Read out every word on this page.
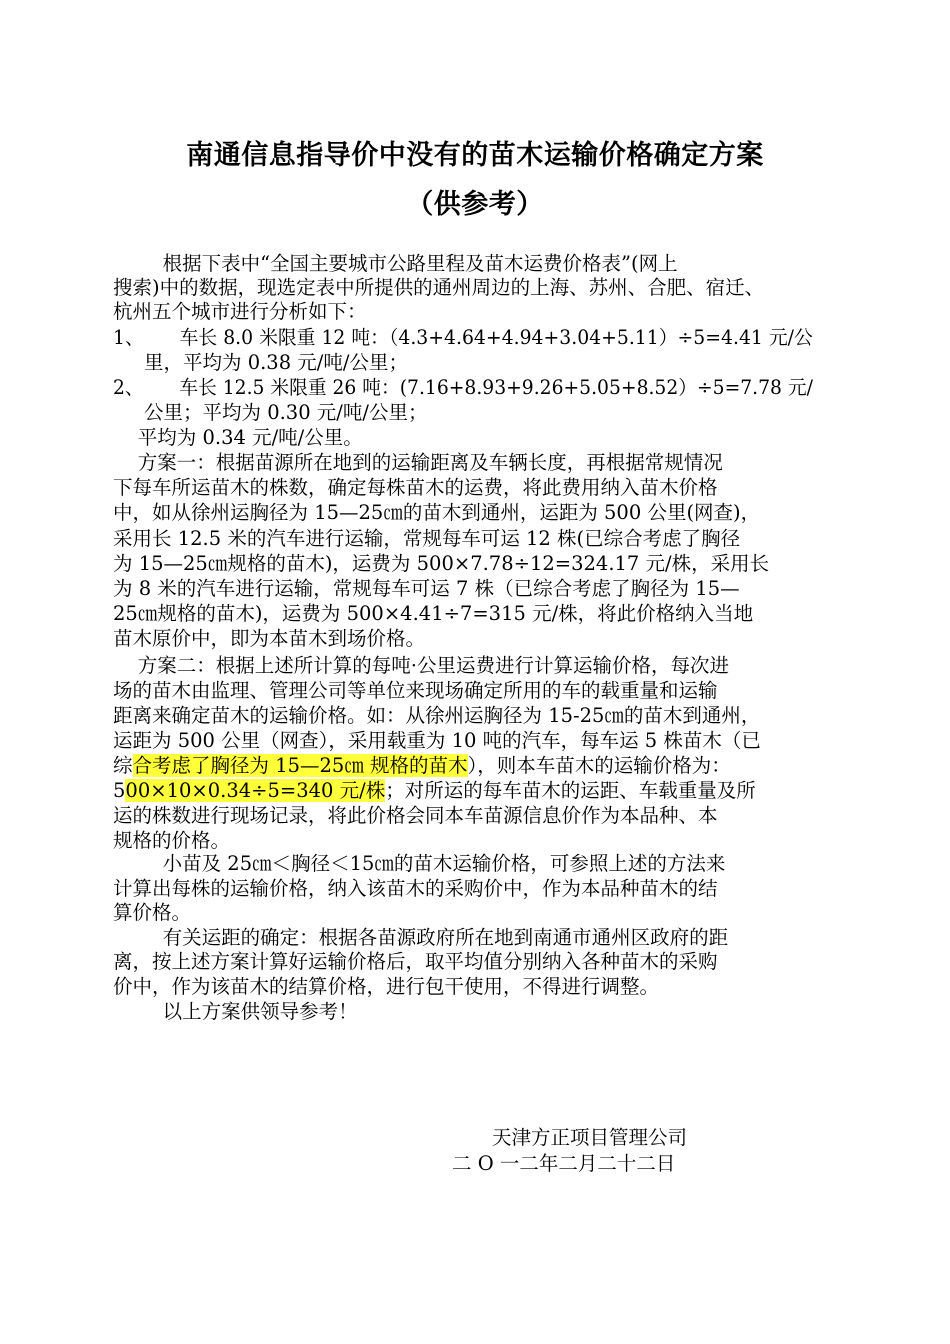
南通信息指导价中没有的苗木运输价格确定方案
（供参考）
根据下表中“全国主要城市公路里程及苗木运费价格表”(网上
搜索)中的数据，现选定表中所提供的通州周边的上海、苏州、合肥、宿迁、
杭州五个城市进行分析如下：
1、      车长 8.0 米限重 12 吨：（4.3+4.64+4.94+3.04+5.11）÷5=4.41 元/公
里，平均为 0.38 元/吨/公里；
2、      车长 12.5 米限重 26 吨：(7.16+8.93+9.26+5.05+8.52）÷5=7.78 元/
公里；平均为 0.30 元/吨/公里；
平均为 0.34 元/吨/公里。
方案一：根据苗源所在地到的运输距离及车辆长度，再根据常规情况
下每车所运苗木的株数，确定每株苗木的运费，将此费用纳入苗木价格
中，如从徐州运胸径为 15—25㎝的苗木到通州，运距为 500 公里(网查)，
采用长 12.5 米的汽车进行运输，常规每车可运 12 株(已综合考虑了胸径
为 15—25㎝规格的苗木)，运费为 500×7.78÷12=324.17 元/株，采用长
为 8 米的汽车进行运输，常规每车可运 7 株（已综合考虑了胸径为 15—
25㎝规格的苗木)，运费为 500×4.41÷7=315 元/株，将此价格纳入当地
苗木原价中，即为本苗木到场价格。
方案二：根据上述所计算的每吨·公里运费进行计算运输价格，每次进
场的苗木由监理、管理公司等单位来现场确定所用的车的载重量和运输
距离来确定苗木的运输价格。如：从徐州运胸径为 15-25㎝的苗木到通州，
运距为 500 公里（网查），采用载重为 10 吨的汽车，每车运 5 株苗木（已
综合考虑了胸径为 15—25㎝ 规格的苗木），则本车苗木的运输价格为：
500×10×0.34÷5=340 元/株；对所运的每车苗木的运距、车载重量及所
运的株数进行现场记录，将此价格会同本车苗源信息价作为本品种、本
规格的价格。
小苗及 25㎝＜胸径＜15㎝的苗木运输价格，可参照上述的方法来
计算出每株的运输价格，纳入该苗木的采购价中，作为本品种苗木的结
算价格。
有关运距的确定：根据各苗源政府所在地到南通市通州区政府的距
离，按上述方案计算好运输价格后，取平均值分别纳入各种苗木的采购
价中，作为该苗木的结算价格，进行包干使用，不得进行调整。
以上方案供领导参考！
天津方正项目管理公司
二 O 一二年二月二十二日
